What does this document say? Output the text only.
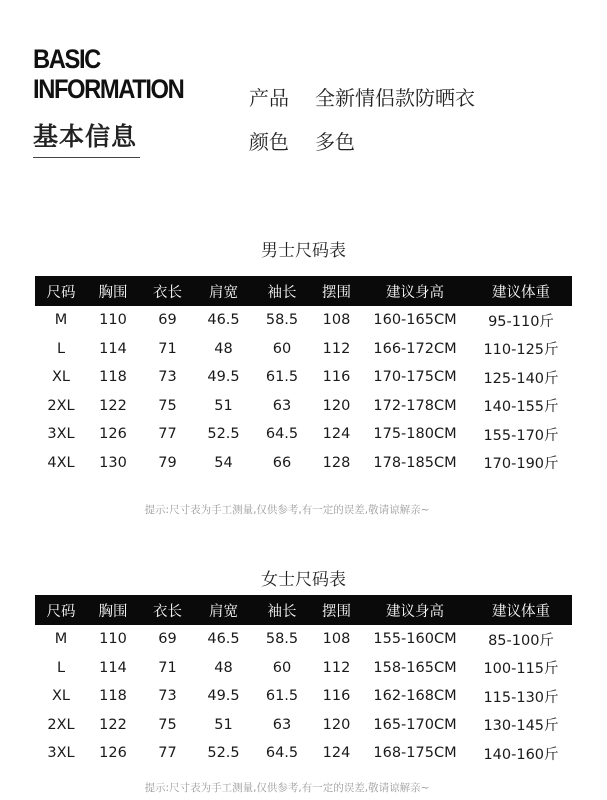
BASIC
INFORMATION
基本信息
产品 全新情侣款防晒衣
颜色 多色
男士尺码表
尺码	胸围	衣长	肩宽	袖长	摆围	建议身高	建议体重
M	110	69	46.5	58.5	108	160-165CM	95-110斤
L	114	71	48	60	112	166-172CM	110-125斤
XL	118	73	49.5	61.5	116	170-175CM	125-140斤
2XL	122	75	51	63	120	172-178CM	140-155斤
3XL	126	77	52.5	64.5	124	175-180CM	155-170斤
4XL	130	79	54	66	128	178-185CM	170-190斤
提示:尺寸表为手工测量,仅供参考,有一定的误差,敬请谅解亲~
女士尺码表
尺码	胸围	衣长	肩宽	袖长	摆围	建议身高	建议体重
M	110	69	46.5	58.5	108	155-160CM	85-100斤
L	114	71	48	60	112	158-165CM	100-115斤
XL	118	73	49.5	61.5	116	162-168CM	115-130斤
2XL	122	75	51	63	120	165-170CM	130-145斤
3XL	126	77	52.5	64.5	124	168-175CM	140-160斤
提示:尺寸表为手工测量,仅供参考,有一定的误差,敬请谅解亲~
